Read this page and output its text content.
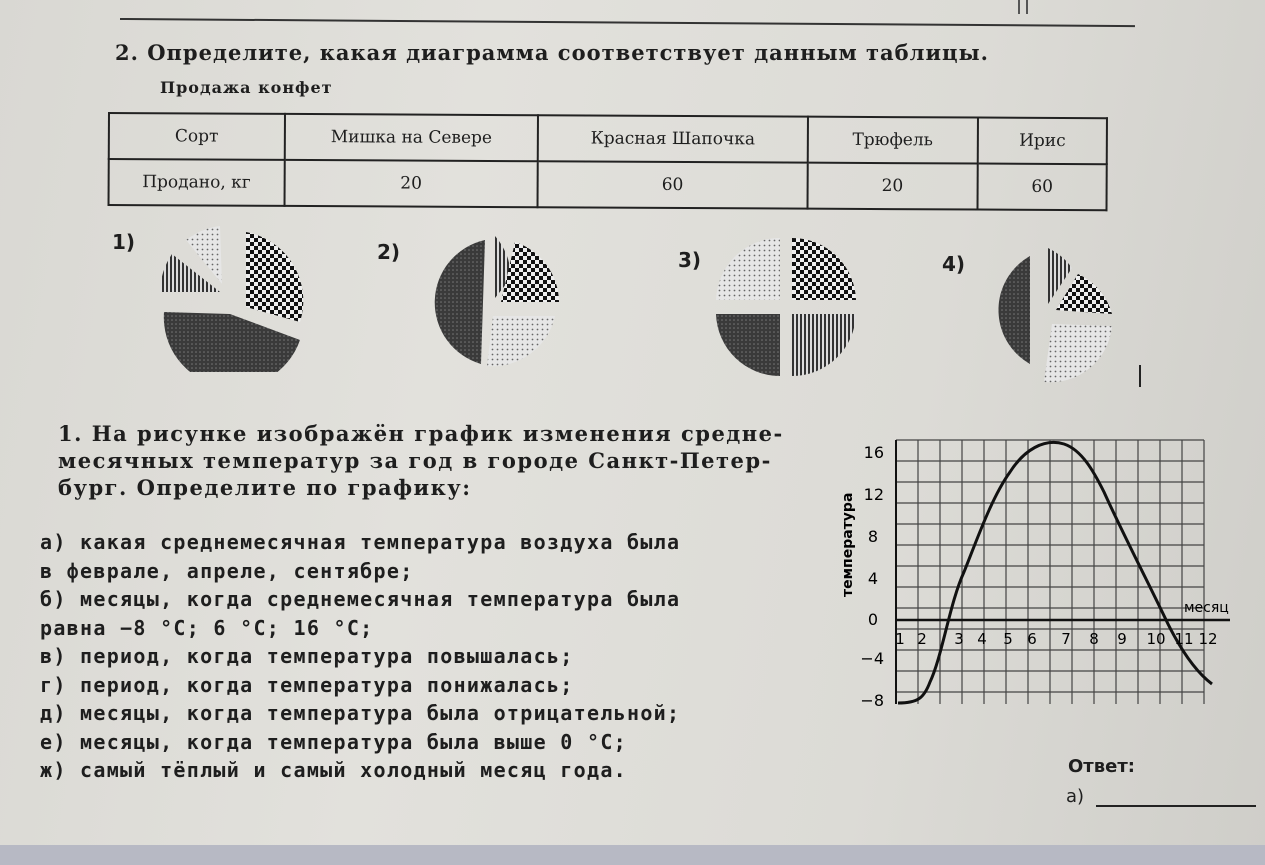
2. Определите, какая диаграмма соответствует данным таблицы.
Продажа конфет
Сорт	Мишка на Севере	Красная Шапочка	Трюфель	Ирис
Продано, кг	20	60	20	60
1)	2)	3)	4)

1. На рисунке изображён график изменения средне-месячных температур за год в городе Санкт-Петер-бург. Определите по графику:

а) какая среднемесячная температура воздуха была
в феврале, апреле, сентябре;
б) месяцы, когда среднемесячная температура была
равна −8 °С; 6 °С; 16 °С;
в) период, когда температура повышалась;
г) период, когда температура понижалась;
д) месяцы, когда температура была отрицательной;
е) месяцы, когда температура была выше 0 °С;
ж) самый тёплый и самый холодный месяц года.
температура
месяц
16
12
8
4
0
−4
−8
1 2 3 4 5 6 7 8 9 10 11 12
Ответ:
а)
